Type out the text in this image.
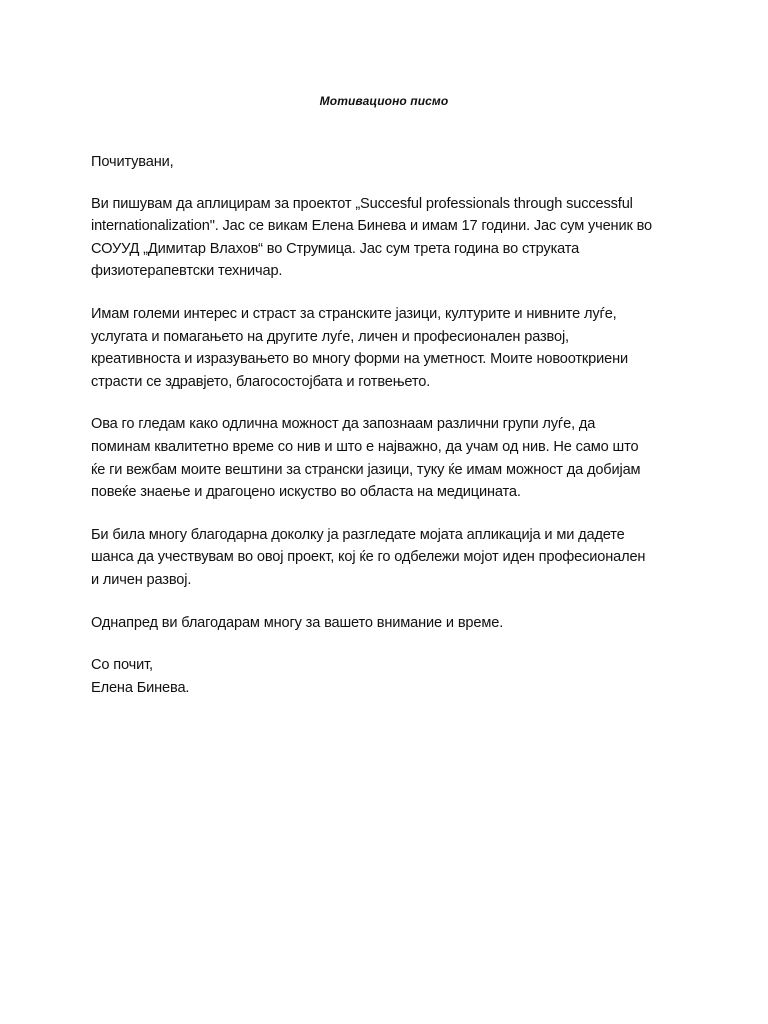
Мотивационо писмо

Почитувани,

Ви пишувам да аплицирам за проектот „Succesful professionals through successful
internationalization". Јас се викам Елена Бинева и имам 17 години. Јас сум ученик во
СОУУД „Димитар Влахов“ во Струмица. Јас сум трета година во струката
физиотерапевтски техничар.

Имам големи интерес и страст за странските јазици, културите и нивните луѓе,
услугата и помагањето на другите луѓе, личен и професионален развој,
креативноста и изразувањето во многу форми на уметност. Моите новооткриени
страсти се здравјето, благосостојбата и готвењето.

Ова го гледам како одлична можност да запознаам различни групи луѓе, да
поминам квалитетно време со нив и што е најважно, да учам од нив. Не само што
ќе ги вежбам моите вештини за странски јазици, туку ќе имам можност да добијам
повеќе знаење и драгоцено искуство во областа на медицината.

Би била многу благодарна доколку ја разгледате мојата апликација и ми дадете
шанса да учествувам во овој проект, кој ќе го одбележи мојот иден професионален
и личен развој.

Однапред ви благодарам многу за вашето внимание и време.

Со почит,
Елена Бинева.
